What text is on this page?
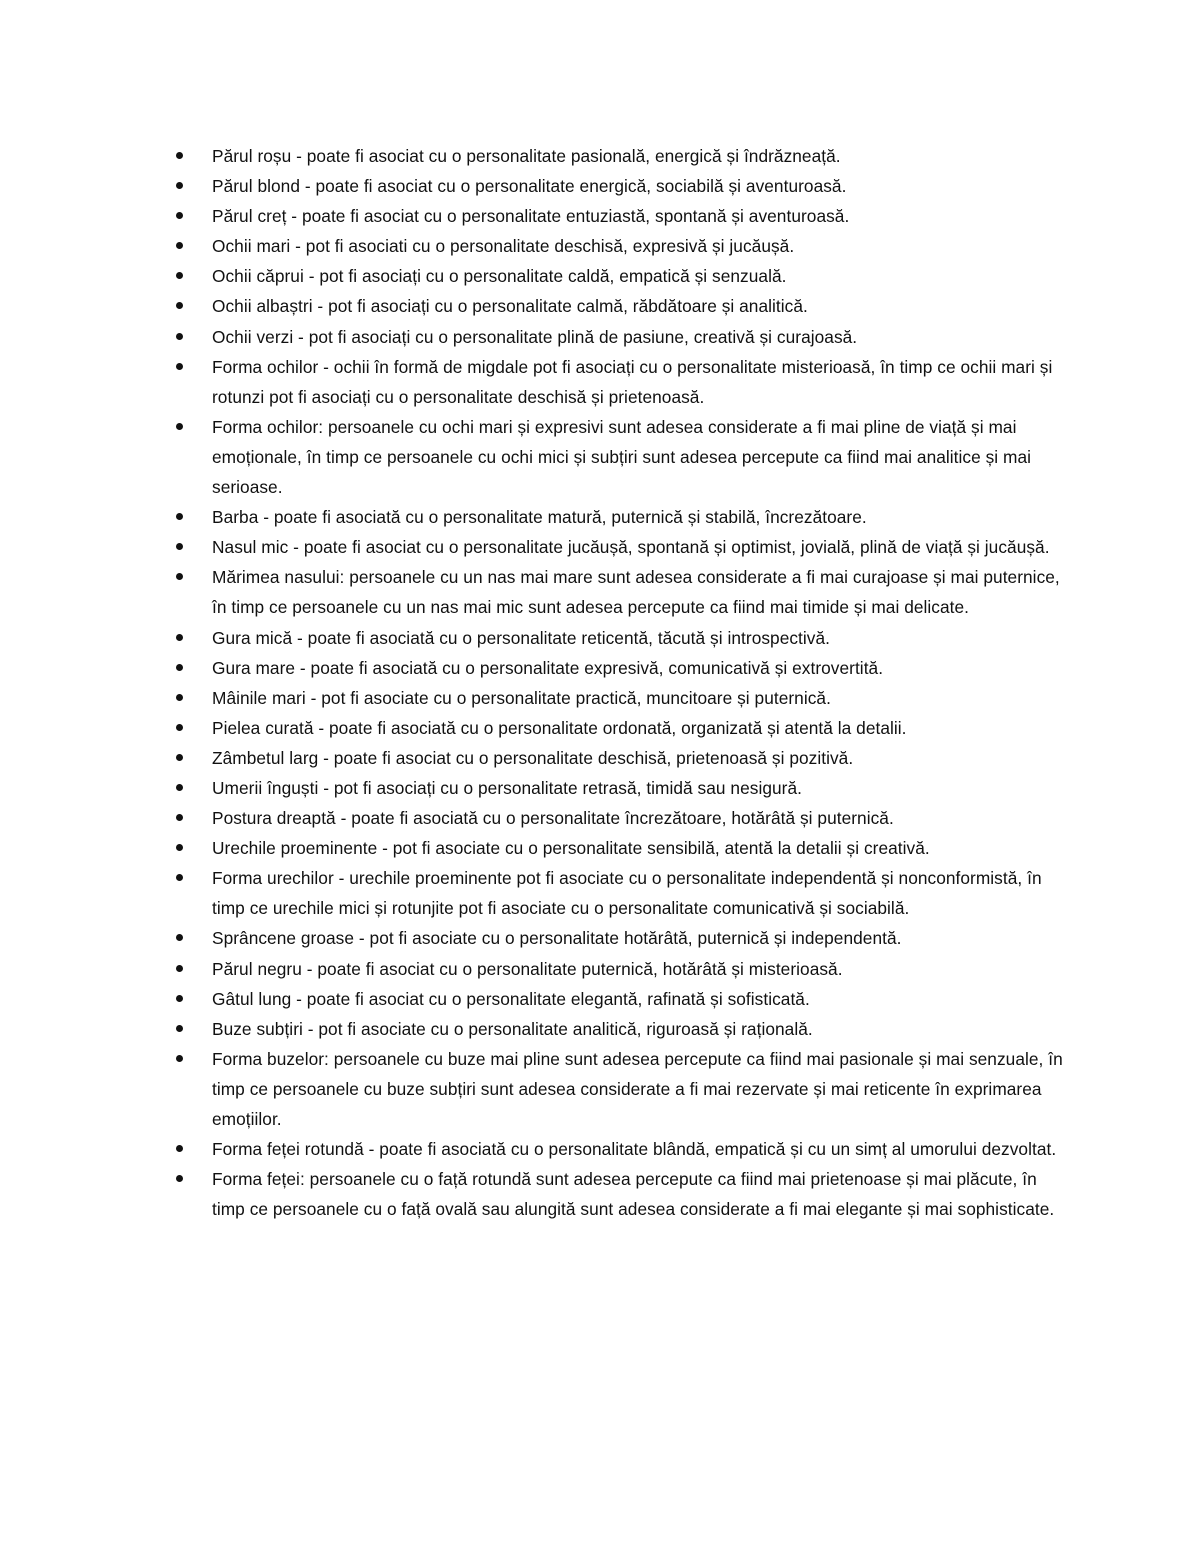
Părul roșu - poate fi asociat cu o personalitate pasională, energică și îndrăzneață.
Părul blond - poate fi asociat cu o personalitate energică, sociabilă și aventuroasă.
Părul creț - poate fi asociat cu o personalitate entuziastă, spontană și aventuroasă.
Ochii mari - pot fi asociati cu o personalitate deschisă, expresivă și jucăușă.
Ochii căprui - pot fi asociați cu o personalitate caldă, empatică și senzuală.
Ochii albaștri - pot fi asociați cu o personalitate calmă, răbdătoare și analitică.
Ochii verzi - pot fi asociați cu o personalitate plină de pasiune, creativă și curajoasă.
Forma ochilor - ochii în formă de migdale pot fi asociați cu o personalitate misterioasă, în timp ce ochii mari și rotunzi pot fi asociați cu o personalitate deschisă și prietenoasă.
Forma ochilor: persoanele cu ochi mari și expresivi sunt adesea considerate a fi mai pline de viață și mai emoționale, în timp ce persoanele cu ochi mici și subțiri sunt adesea percepute ca fiind mai analitice și mai serioase.
Barba - poate fi asociată cu o personalitate matură, puternică și stabilă, încrezătoare.
Nasul mic - poate fi asociat cu o personalitate jucăușă, spontană și optimist, jovială, plină de viață și jucăușă.
Mărimea nasului: persoanele cu un nas mai mare sunt adesea considerate a fi mai curajoase și mai puternice, în timp ce persoanele cu un nas mai mic sunt adesea percepute ca fiind mai timide și mai delicate.
Gura mică - poate fi asociată cu o personalitate reticentă, tăcută și introspectivă.
Gura mare - poate fi asociată cu o personalitate expresivă, comunicativă și extrovertită.
Mâinile mari - pot fi asociate cu o personalitate practică, muncitoare și puternică.
Pielea curată - poate fi asociată cu o personalitate ordonată, organizată și atentă la detalii.
Zâmbetul larg - poate fi asociat cu o personalitate deschisă, prietenoasă și pozitivă.
Umerii înguști - pot fi asociați cu o personalitate retrasă, timidă sau nesigură.
Postura dreaptă - poate fi asociată cu o personalitate încrezătoare, hotărâtă și puternică.
Urechile proeminente - pot fi asociate cu o personalitate sensibilă, atentă la detalii și creativă.
Forma urechilor - urechile proeminente pot fi asociate cu o personalitate independentă și nonconformistă, în timp ce urechile mici și rotunjite pot fi asociate cu o personalitate comunicativă și sociabilă.
Sprâncene groase - pot fi asociate cu o personalitate hotărâtă, puternică și independentă.
Părul negru - poate fi asociat cu o personalitate puternică, hotărâtă și misterioasă.
Gâtul lung - poate fi asociat cu o personalitate elegantă, rafinată și sofisticată.
Buze subțiri - pot fi asociate cu o personalitate analitică, riguroasă și rațională.
Forma buzelor: persoanele cu buze mai pline sunt adesea percepute ca fiind mai pasionale și mai senzuale, în timp ce persoanele cu buze subțiri sunt adesea considerate a fi mai rezervate și mai reticente în exprimarea emoțiilor.
Forma feței rotundă - poate fi asociată cu o personalitate blândă, empatică și cu un simț al umorului dezvoltat.
Forma feței: persoanele cu o față rotundă sunt adesea percepute ca fiind mai prietenoase și mai plăcute, în timp ce persoanele cu o față ovală sau alungită sunt adesea considerate a fi mai elegante și mai sophisticate.
